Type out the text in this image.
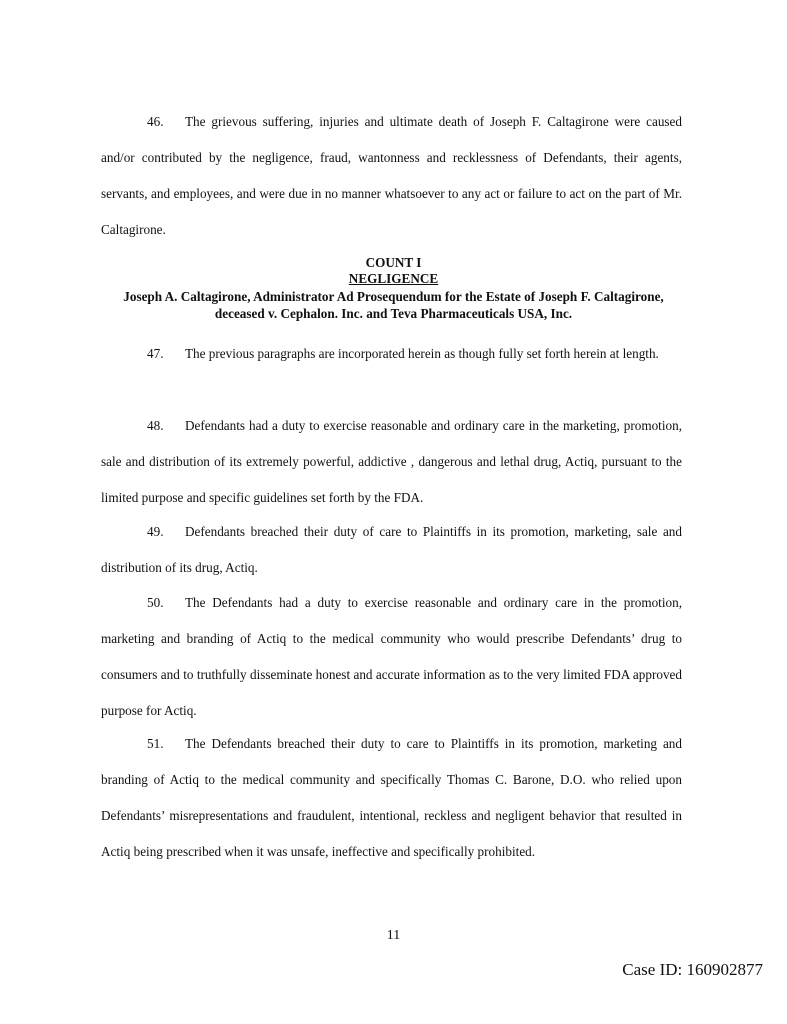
46. The grievous suffering, injuries and ultimate death of Joseph F. Caltagirone were caused and/or contributed by the negligence, fraud, wantonness and recklessness of Defendants, their agents, servants, and employees, and were due in no manner whatsoever to any act or failure to act on the part of Mr. Caltagirone.

COUNT I

NEGLIGENCE

Joseph A. Caltagirone, Administrator Ad Prosequendum for the Estate of Joseph F. Caltagirone, deceased v. Cephalon. Inc. and Teva Pharmaceuticals USA, Inc.

47. The previous paragraphs are incorporated herein as though fully set forth herein at length.

48. Defendants had a duty to exercise reasonable and ordinary care in the marketing, promotion, sale and distribution of its extremely powerful, addictive , dangerous and lethal drug, Actiq, pursuant to the limited purpose and specific guidelines set forth by the FDA.

49. Defendants breached their duty of care to Plaintiffs in its promotion, marketing, sale and distribution of its drug, Actiq.

50. The Defendants had a duty to exercise reasonable and ordinary care in the promotion, marketing and branding of Actiq to the medical community who would prescribe Defendants’ drug to consumers and to truthfully disseminate honest and accurate information as to the very limited FDA approved purpose for Actiq.

51. The Defendants breached their duty to care to Plaintiffs in its promotion, marketing and branding of Actiq to the medical community and specifically Thomas C. Barone, D.O. who relied upon Defendants’ misrepresentations and fraudulent, intentional, reckless and negligent behavior that resulted in Actiq being prescribed when it was unsafe, ineffective and specifically prohibited.

11

Case ID: 160902877
